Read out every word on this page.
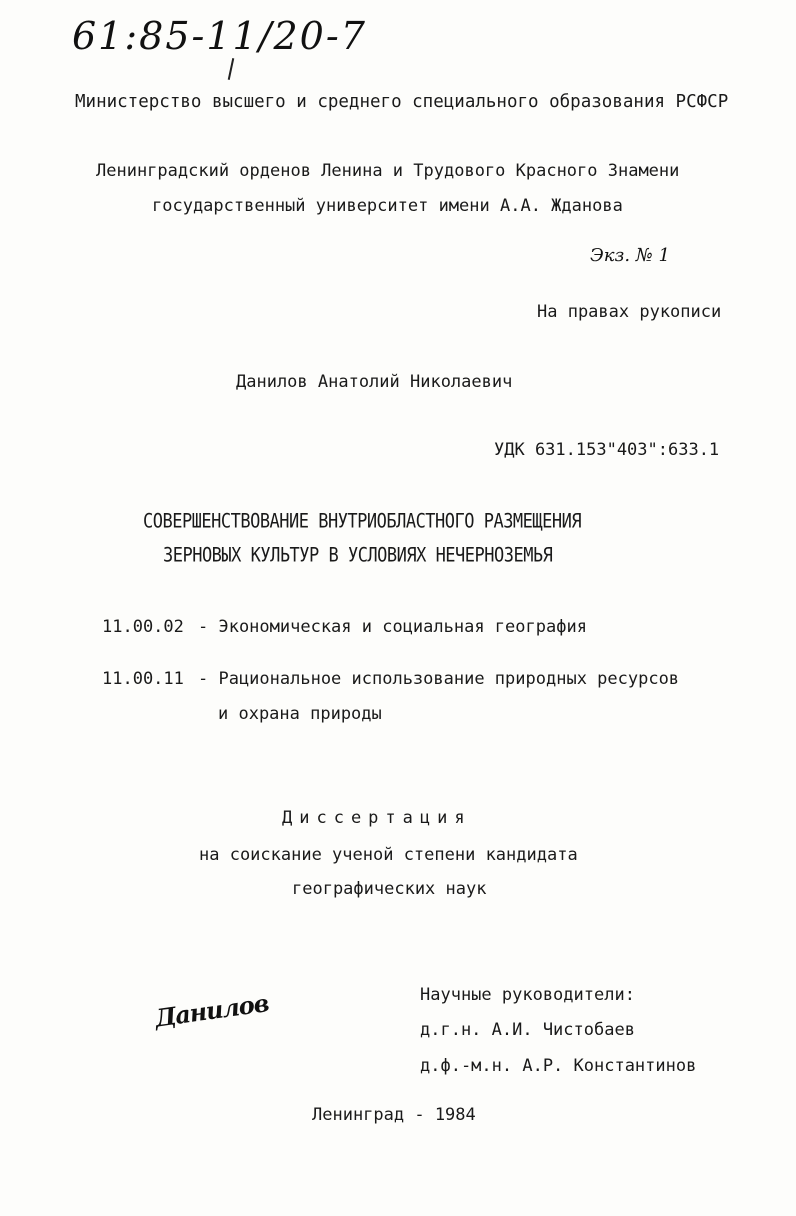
61:85-11/20-7
Министерство высшего и среднего специального образования РСФСР
Ленинградский орденов Ленина и Трудового Красного Знамени
государственный университет имени А.А. Жданова
Экз. № 1
На правах рукописи
Данилов Анатолий Николаевич
УДК 631.153"403":633.1
СОВЕРШЕНСТВОВАНИЕ ВНУТРИОБЛАСТНОГО РАЗМЕЩЕНИЯ
ЗЕРНОВЫХ КУЛЬТУР В УСЛОВИЯХ НЕЧЕРНОЗЕМЬЯ
11.00.02 - Экономическая и социальная география
11.00.11 - Рациональное использование природных ресурсов
и охрана природы
Диссертация
на соискание ученой степени кандидата
географических наук
Научные руководители:
д.г.н. А.И. Чистобаев
д.ф.-м.н. А.Р. Константинов
Данилов
Ленинград - 1984
